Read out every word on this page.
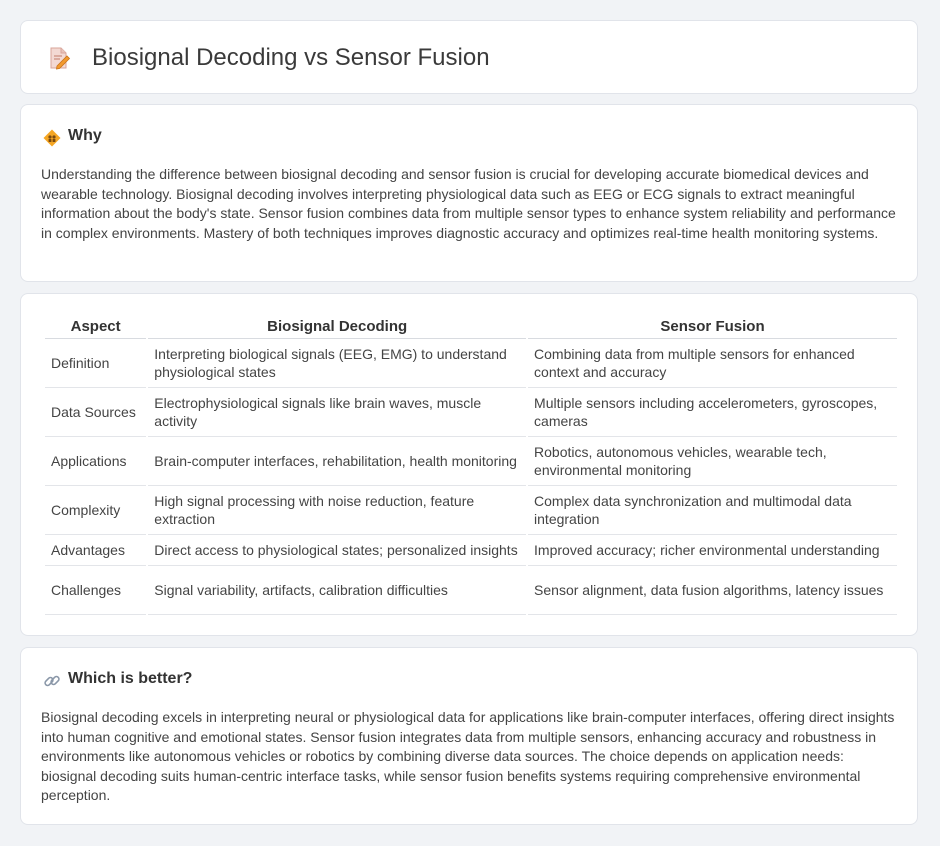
Biosignal Decoding vs Sensor Fusion
Why

Understanding the difference between biosignal decoding and sensor fusion is crucial for developing accurate biomedical devices and wearable technology. Biosignal decoding involves interpreting physiological data such as EEG or ECG signals to extract meaningful information about the body's state. Sensor fusion combines data from multiple sensor types to enhance system reliability and performance in complex environments. Mastery of both techniques improves diagnostic accuracy and optimizes real-time health monitoring systems.

Aspect	Biosignal Decoding	Sensor Fusion
Definition	Interpreting biological signals (EEG, EMG) to understand physiological states	Combining data from multiple sensors for enhanced context and accuracy
Data Sources	Electrophysiological signals like brain waves, muscle activity	Multiple sensors including accelerometers, gyroscopes, cameras
Applications	Brain-computer interfaces, rehabilitation, health monitoring	Robotics, autonomous vehicles, wearable tech, environmental monitoring
Complexity	High signal processing with noise reduction, feature extraction	Complex data synchronization and multimodal data integration
Advantages	Direct access to physiological states; personalized insights	Improved accuracy; richer environmental understanding
Challenges	Signal variability, artifacts, calibration difficulties	Sensor alignment, data fusion algorithms, latency issues
Which is better?

Biosignal decoding excels in interpreting neural or physiological data for applications like brain-computer interfaces, offering direct insights into human cognitive and emotional states. Sensor fusion integrates data from multiple sensors, enhancing accuracy and robustness in environments like autonomous vehicles or robotics by combining diverse data sources. The choice depends on application needs: biosignal decoding suits human-centric interface tasks, while sensor fusion benefits systems requiring comprehensive environmental perception.
